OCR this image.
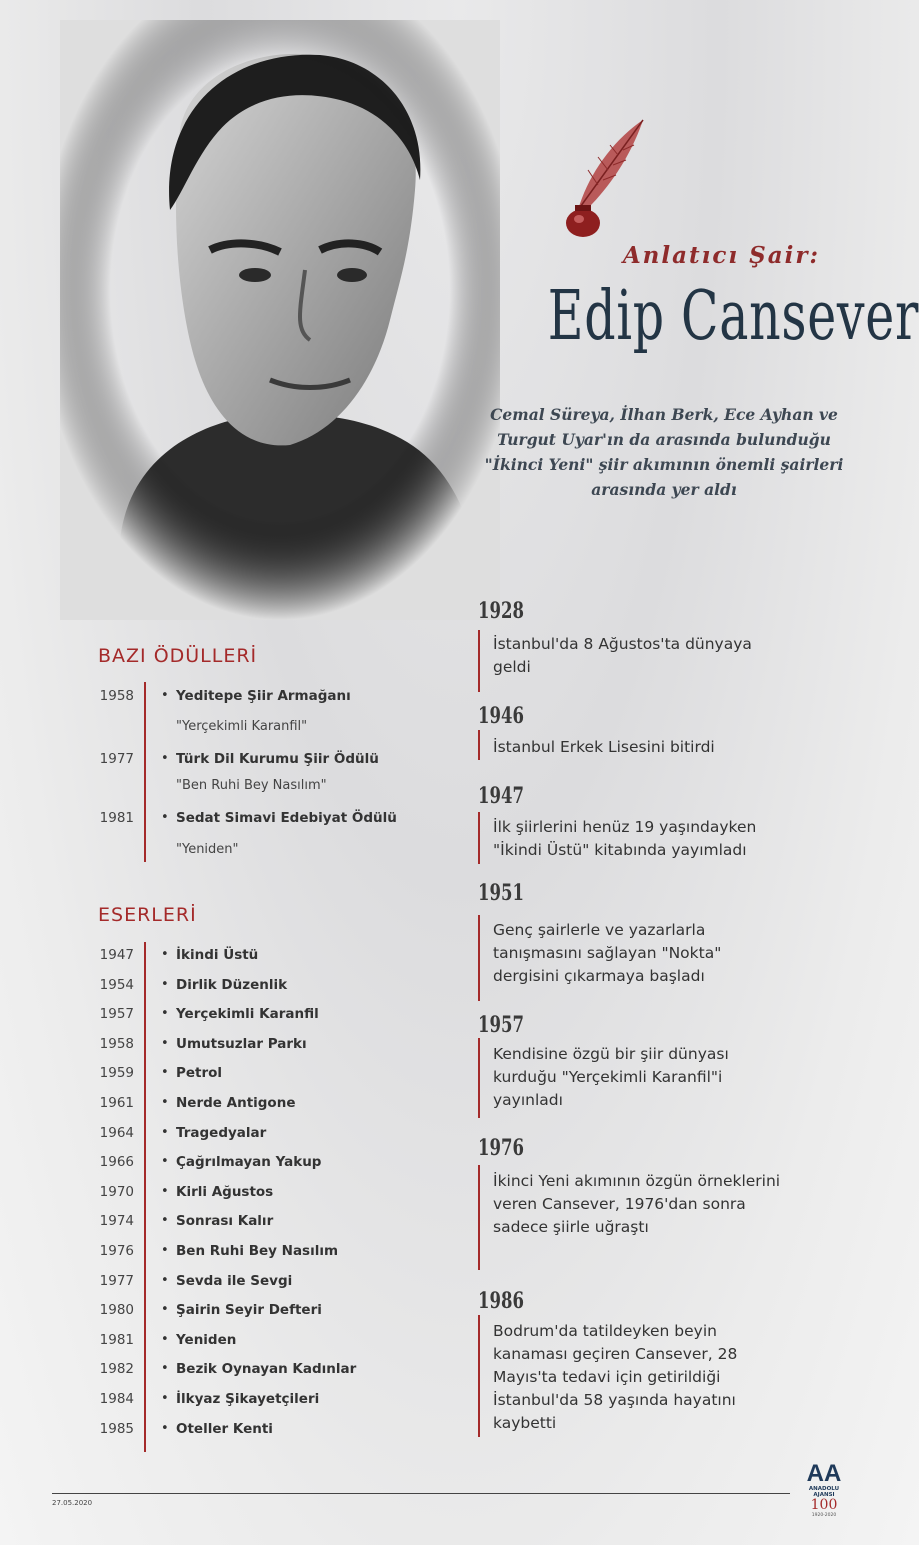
Anlatıcı Şair:
Edip Cansever
Cemal Süreya, İlhan Berk, Ece Ayhan ve Turgut Uyar'ın da arasında bulunduğu "İkinci Yeni" şiir akımının önemli şairleri arasında yer aldı
BAZI ÖDÜLLERİ
1958 • Yeditepe Şiir Armağanı
"Yerçekimli Karanfil"
1977 • Türk Dil Kurumu Şiir Ödülü
"Ben Ruhi Bey Nasılım"
1981 • Sedat Simavi Edebiyat Ödülü
"Yeniden"
ESERLERİ
1947 • İkindi Üstü
1954 • Dirlik Düzenlik
1957 • Yerçekimli Karanfil
1958 • Umutsuzlar Parkı
1959 • Petrol
1961 • Nerde Antigone
1964 • Tragedyalar
1966 • Çağrılmayan Yakup
1970 • Kirli Ağustos
1974 • Sonrası Kalır
1976 • Ben Ruhi Bey Nasılım
1977 • Sevda ile Sevgi
1980 • Şairin Seyir Defteri
1981 • Yeniden
1982 • Bezik Oynayan Kadınlar
1984 • İlkyaz Şikayetçileri
1985 • Oteller Kenti
1928
İstanbul'da 8 Ağustos'ta dünyaya geldi
1946
İstanbul Erkek Lisesini bitirdi
1947
İlk şiirlerini henüz 19 yaşındayken "İkindi Üstü" kitabında yayımladı
1951
Genç şairlerle ve yazarlarla tanışmasını sağlayan "Nokta" dergisini çıkarmaya başladı
1957
Kendisine özgü bir şiir dünyası kurduğu "Yerçekimli Karanfil"i yayınladı
1976
İkinci Yeni akımının özgün örneklerini veren Cansever, 1976'dan sonra sadece şiirle uğraştı
1986
Bodrum'da tatildeyken beyin kanaması geçiren Cansever, 28 Mayıs'ta tedavi için getirildiği İstanbul'da 58 yaşında hayatını kaybetti
27.05.2020
AA
ANADOLU AJANSI
100
1920-2020
